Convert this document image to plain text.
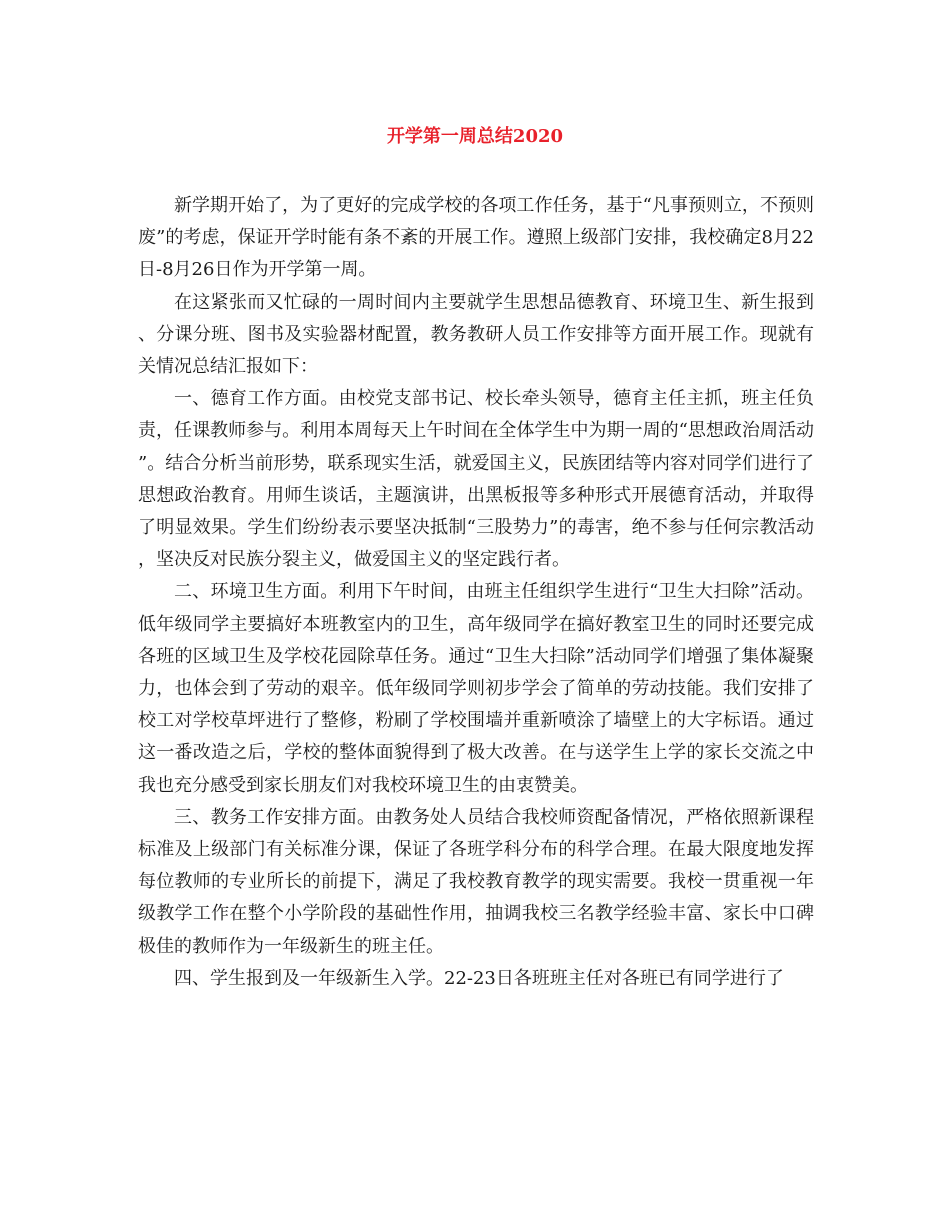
开学第一周总结2020

新学期开始了，为了更好的完成学校的各项工作任务，基于“凡事预则立，不预则废”的考虑，保证开学时能有条不紊的开展工作。遵照上级部门安排，我校确定8月22日-8月26日作为开学第一周。

在这紧张而又忙碌的一周时间内主要就学生思想品德教育、环境卫生、新生报到、分课分班、图书及实验器材配置，教务教研人员工作安排等方面开展工作。现就有关情况总结汇报如下：

一、德育工作方面。由校党支部书记、校长牵头领导，德育主任主抓，班主任负责，任课教师参与。利用本周每天上午时间在全体学生中为期一周的“思想政治周活动”。结合分析当前形势，联系现实生活，就爱国主义，民族团结等内容对同学们进行了思想政治教育。用师生谈话，主题演讲，出黑板报等多种形式开展德育活动，并取得了明显效果。学生们纷纷表示要坚决抵制“三股势力”的毒害，绝不参与任何宗教活动，坚决反对民族分裂主义，做爱国主义的坚定践行者。

二、环境卫生方面。利用下午时间，由班主任组织学生进行“卫生大扫除”活动。低年级同学主要搞好本班教室内的卫生，高年级同学在搞好教室卫生的同时还要完成各班的区域卫生及学校花园除草任务。通过“卫生大扫除”活动同学们增强了集体凝聚力，也体会到了劳动的艰辛。低年级同学则初步学会了简单的劳动技能。我们安排了校工对学校草坪进行了整修，粉刷了学校围墙并重新喷涂了墙壁上的大字标语。通过这一番改造之后，学校的整体面貌得到了极大改善。在与送学生上学的家长交流之中我也充分感受到家长朋友们对我校环境卫生的由衷赞美。

三、教务工作安排方面。由教务处人员结合我校师资配备情况，严格依照新课程标准及上级部门有关标准分课，保证了各班学科分布的科学合理。在最大限度地发挥每位教师的专业所长的前提下，满足了我校教育教学的现实需要。我校一贯重视一年级教学工作在整个小学阶段的基础性作用，抽调我校三名教学经验丰富、家长中口碑极佳的教师作为一年级新生的班主任。

四、学生报到及一年级新生入学。22-23日各班班主任对各班已有同学进行了
